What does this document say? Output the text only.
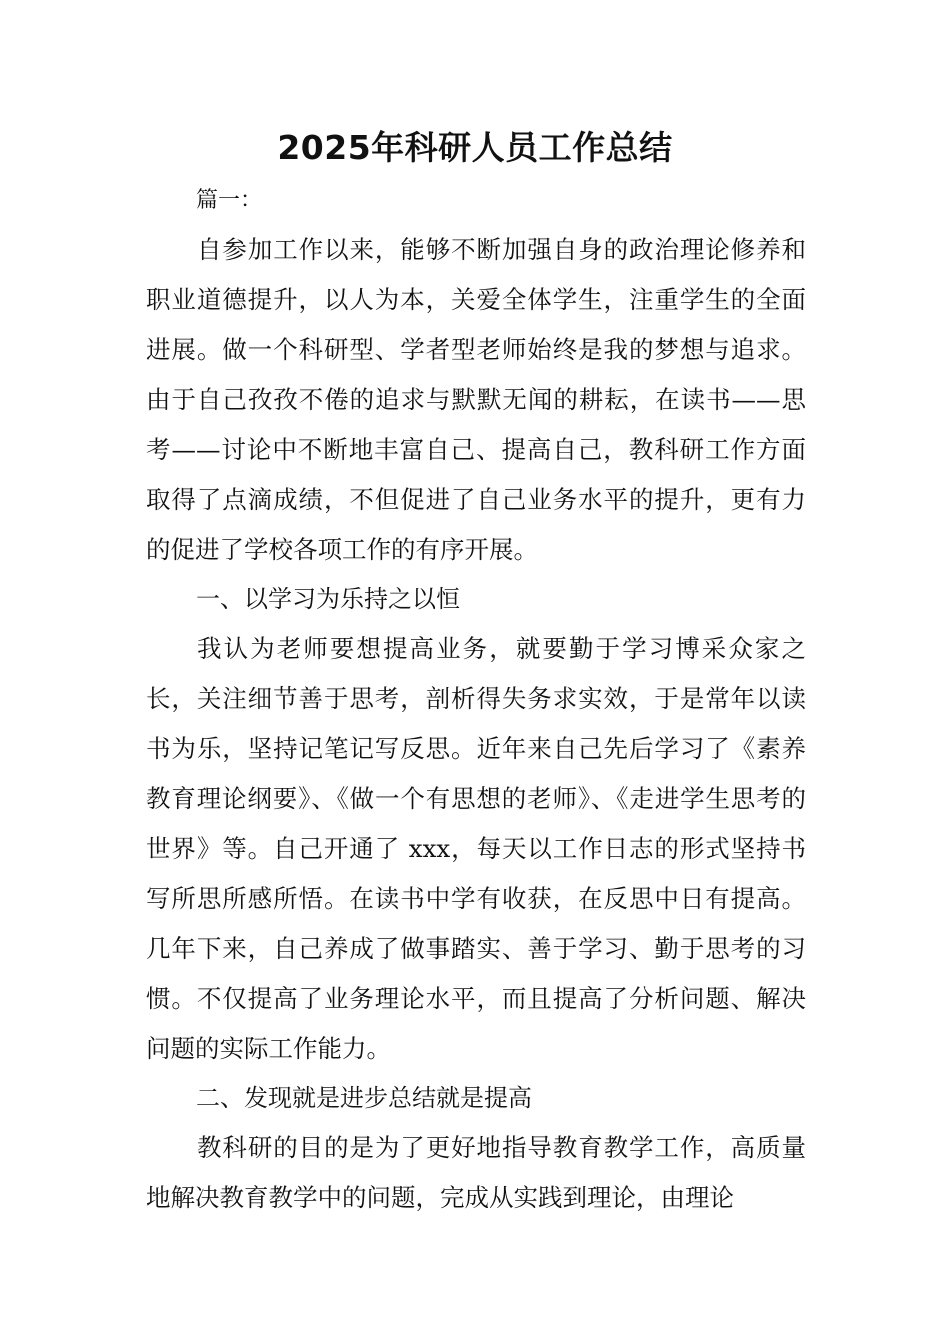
2025年科研人员工作总结

篇一：

自参加工作以来，能够不断加强自身的政治理论修养和职业道德提升，以人为本，关爱全体学生，注重学生的全面进展。做一个科研型、学者型老师始终是我的梦想与追求。由于自己孜孜不倦的追求与默默无闻的耕耘，在读书——思考——讨论中不断地丰富自己、提高自己，教科研工作方面取得了点滴成绩，不但促进了自己业务水平的提升，更有力的促进了学校各项工作的有序开展。

一、以学习为乐持之以恒

我认为老师要想提高业务，就要勤于学习博采众家之长，关注细节善于思考，剖析得失务求实效，于是常年以读书为乐，坚持记笔记写反思。近年来自己先后学习了《素养教育理论纲要》、《做一个有思想的老师》、《走进学生思考的世界》等。自己开通了 xxx，每天以工作日志的形式坚持书写所思所感所悟。在读书中学有收获，在反思中日有提高。几年下来，自己养成了做事踏实、善于学习、勤于思考的习惯。不仅提高了业务理论水平，而且提高了分析问题、解决问题的实际工作能力。

二、发现就是进步总结就是提高

教科研的目的是为了更好地指导教育教学工作，高质量地解决教育教学中的问题，完成从实践到理论，由理论
